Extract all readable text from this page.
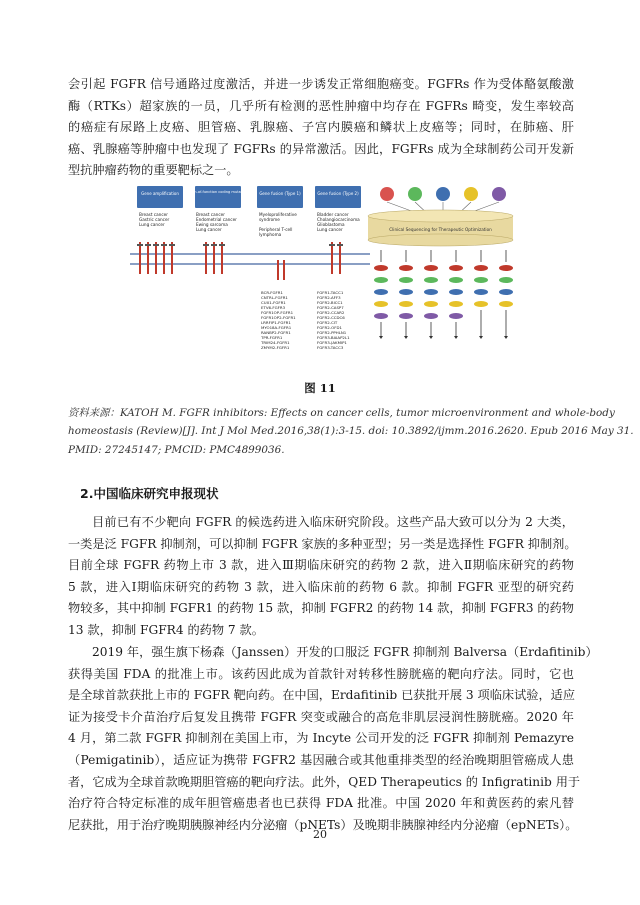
会引起 FGFR 信号通路过度激活，并进一步诱发正常细胞癌变。FGFRs 作为受体酪氨酸激
酶（RTKs）超家族的一员，几乎所有检测的恶性肿瘤中均存在 FGFRs 畸变，发生率较高
的癌症有尿路上皮癌、胆管癌、乳腺癌、子宫内膜癌和鳞状上皮癌等；同时，在肺癌、肝
癌、乳腺癌等肿瘤中也发现了 FGFRs 的异常激活。因此，FGFRs 成为全球制药公司开发新
型抗肿瘤药物的重要靶标之一。
Gene amplification	Gain-of-function coding mutation	Gene fusion (Type 1)	Gene fusion (Type 2)
Breast cancer
Gastric cancer
Lung cancer
Breast cancer
Endometrial cancer
Ewing sarcoma
Lung cancer
Myeloproliferative
syndrome
Peripheral T-cell
lymphoma
Bladder cancer
Cholangiocarcinoma
Glioblastoma
Lung cancer
BCR-FGFR1
CNTRL-FGFR1
CUX1-FGFR1
ETV6-FGFR3
FGFR1OP-FGFR1
FGFR1OP2-FGFR1
LRRFIP1-FGFR1
MYO18A-FGFR1
RANBP2-FGFR1
TPR-FGFR1
TRIM24-FGFR1
ZMYM2-FGFR1
FGFR1-TACC1
FGFR2-AFF3
FGFR2-BICC1
FGFR2-CASP7
FGFR2-CCAR2
FGFR2-CCDC6
FGFR2-CIT
FGFR2-OFD1
FGFR2-PPHLN1
FGFR3-BAIAP2L1
FGFR3-JAKMIP1
FGFR3-TACC3
Clinical Sequencing for Therapeutic Optimization
图 11
资料来源：KATOH M. FGFR inhibitors: Effects on cancer cells, tumor microenvironment and whole-body
homeostasis (Review)[J]. Int J Mol Med.2016,38(1):3-15. doi: 10.3892/ijmm.2016.2620. Epub 2016 May 31.
PMID: 27245147; PMCID: PMC4899036.
2.中国临床研究申报现状
目前已有不少靶向 FGFR 的候选药进入临床研究阶段。这些产品大致可以分为 2 大类，
一类是泛 FGFR 抑制剂，可以抑制 FGFR 家族的多种亚型；另一类是选择性 FGFR 抑制剂。
目前全球 FGFR 药物上市 3 款，进入Ⅲ期临床研究的药物 2 款，进入Ⅱ期临床研究的药物
5 款，进入Ⅰ期临床研究的药物 3 款，进入临床前的药物 6 款。抑制 FGFR 亚型的研究药
物较多，其中抑制 FGFR1 的药物 15 款，抑制 FGFR2 的药物 14 款，抑制 FGFR3 的药物
13 款，抑制 FGFR4 的药物 7 款。
2019 年，强生旗下杨森（Janssen）开发的口服泛 FGFR 抑制剂 Balversa（Erdafitinib）
获得美国 FDA 的批准上市。该药因此成为首款针对转移性膀胱癌的靶向疗法。同时，它也
是全球首款获批上市的 FGFR 靶向药。在中国，Erdafitinib 已获批开展 3 项临床试验，适应
证为接受卡介苗治疗后复发且携带 FGFR 突变或融合的高危非肌层浸润性膀胱癌。2020 年
4 月，第二款 FGFR 抑制剂在美国上市，为 Incyte 公司开发的泛 FGFR 抑制剂 Pemazyre
（Pemigatinib），适应证为携带 FGFR2 基因融合或其他重排类型的经治晚期胆管癌成人患
者，它成为全球首款晚期胆管癌的靶向疗法。此外，QED Therapeutics 的 Infigratinib 用于
治疗符合特定标准的成年胆管癌患者也已获得 FDA 批准。中国 2020 年和黄医药的索凡替
尼获批，用于治疗晚期胰腺神经内分泌瘤（pNETs）及晚期非胰腺神经内分泌瘤（epNETs）。
20
